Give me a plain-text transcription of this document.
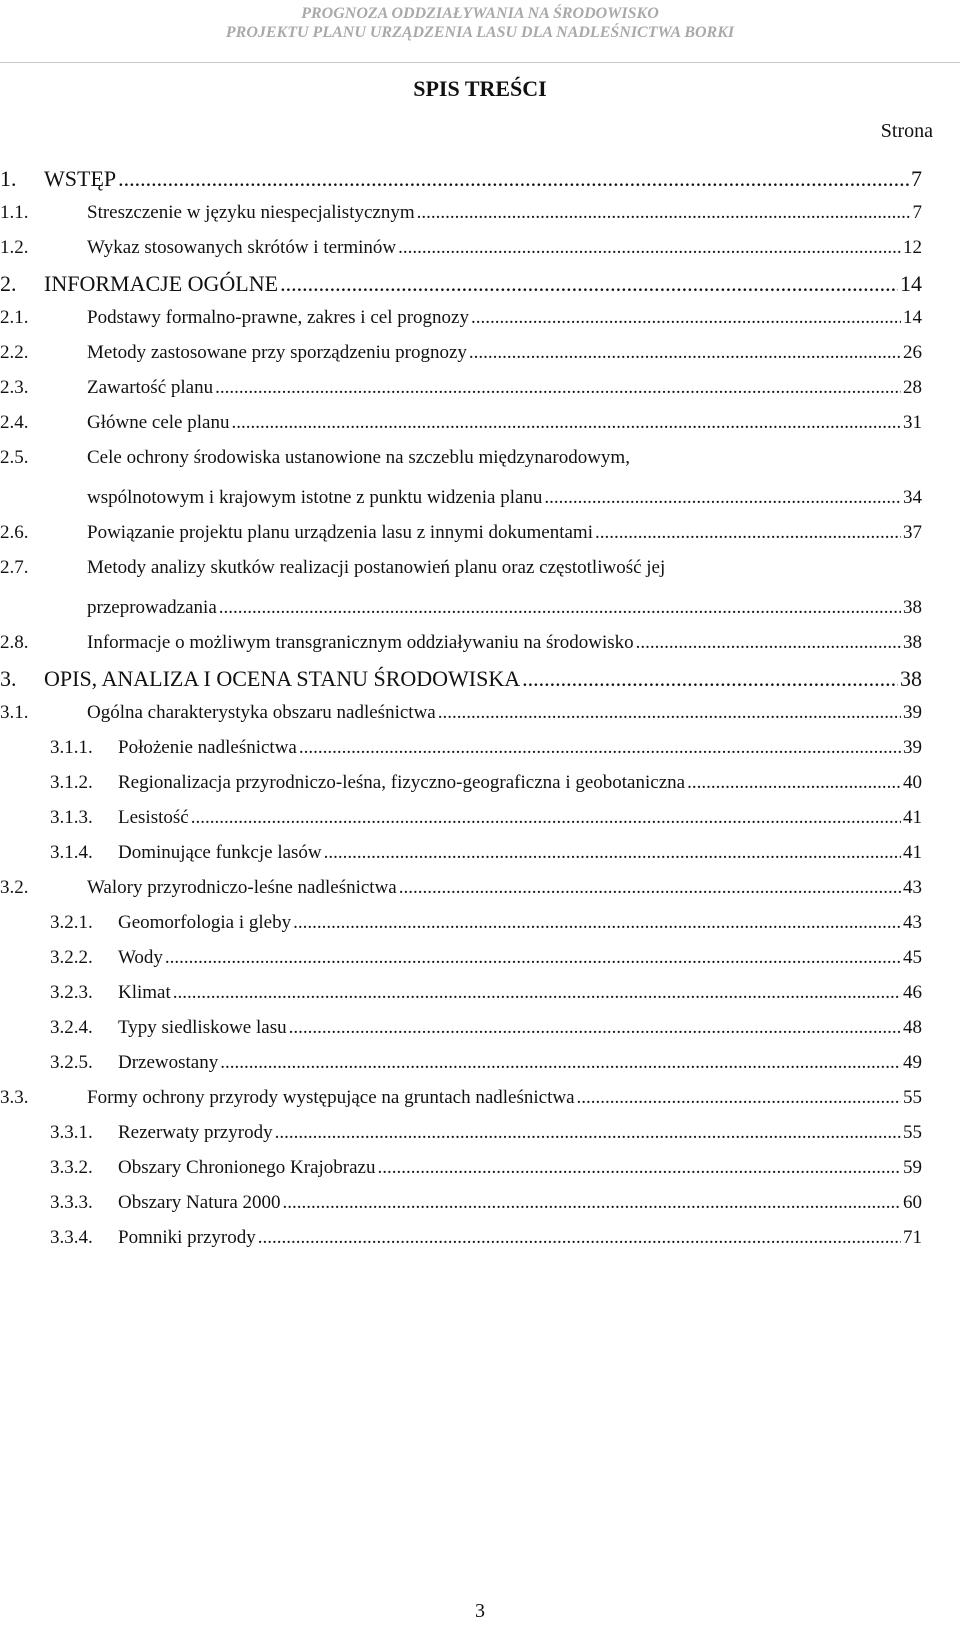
PROGNOZA ODDZIAŁYWANIA NA ŚRODOWISKO
PROJEKTU PLANU URZĄDZENIA LASU DLA NADLEŚNICTWA BORKI
SPIS TREŚCI
Strona
1. WSTĘP .....	7
1.1.	Streszczenie w języku niespecjalistycznym .....	7
1.2.	Wykaz stosowanych skrótów i terminów .....	12
2. INFORMACJE OGÓLNE .....	14
2.1.	Podstawy formalno-prawne, zakres i cel prognozy .....	14
2.2.	Metody zastosowane przy sporządzeniu prognozy .....	26
2.3.	Zawartość planu .....	28
2.4.	Główne cele planu .....	31
2.5.	Cele ochrony środowiska ustanowione na szczeblu międzynarodowym,
wspólnotowym i krajowym istotne z punktu widzenia planu .....	34
2.6.	Powiązanie projektu planu urządzenia lasu z innymi dokumentami .....	37
2.7.	Metody analizy skutków realizacji postanowień planu oraz częstotliwość jej
przeprowadzania .....	38
2.8.	Informacje o możliwym transgranicznym oddziaływaniu na środowisko .....	38
3. OPIS, ANALIZA I OCENA STANU ŚRODOWISKA .....	38
3.1.	Ogólna charakterystyka obszaru nadleśnictwa .....	39
3.1.1. Położenie nadleśnictwa .....	39
3.1.2. Regionalizacja przyrodniczo-leśna, fizyczno-geograficzna i geobotaniczna .....	40
3.1.3. Lesistość .....	41
3.1.4. Dominujące funkcje lasów .....	41
3.2.	Walory przyrodniczo-leśne nadleśnictwa .....	43
3.2.1. Geomorfologia i gleby .....	43
3.2.2. Wody .....	45
3.2.3. Klimat .....	46
3.2.4. Typy siedliskowe lasu .....	48
3.2.5. Drzewostany .....	49
3.3.	Formy ochrony przyrody występujące na gruntach nadleśnictwa .....	55
3.3.1. Rezerwaty przyrody .....	55
3.3.2. Obszary Chronionego Krajobrazu .....	59
3.3.3. Obszary Natura 2000 .....	60
3.3.4. Pomniki przyrody .....	71
3
